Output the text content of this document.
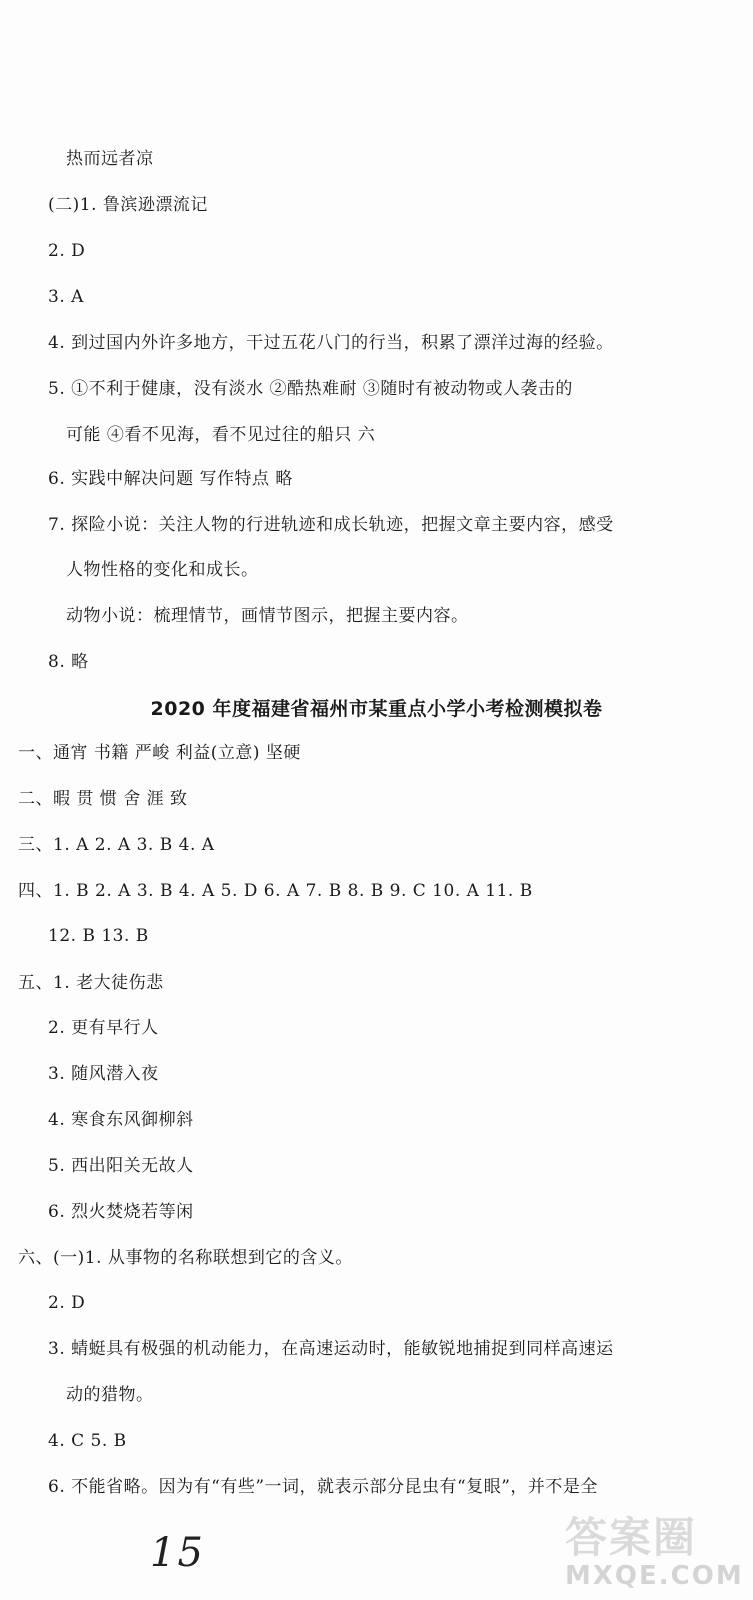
热而远者凉
(二)1. 鲁滨逊漂流记
2. D
3. A
4. 到过国内外许多地方，干过五花八门的行当，积累了漂洋过海的经验。
5. ①不利于健康，没有淡水 ②酷热难耐 ③随时有被动物或人袭击的
可能 ④看不见海，看不见过往的船只 六
6. 实践中解决问题 写作特点 略
7. 探险小说：关注人物的行进轨迹和成长轨迹，把握文章主要内容，感受
人物性格的变化和成长。
动物小说：梳理情节，画情节图示，把握主要内容。
8. 略
2020 年度福建省福州市某重点小学小考检测模拟卷
一、通宵 书籍 严峻 利益(立意) 坚硬
二、暇 贯 惯 舍 涯 致
三、1. A 2. A 3. B 4. A
四、1. B 2. A 3. B 4. A 5. D 6. A 7. B 8. B 9. C 10. A 11. B
12. B 13. B
五、1. 老大徒伤悲
2. 更有早行人
3. 随风潜入夜
4. 寒食东风御柳斜
5. 西出阳关无故人
6. 烈火焚烧若等闲
六、(一)1. 从事物的名称联想到它的含义。
2. D
3. 蜻蜓具有极强的机动能力，在高速运动时，能敏锐地捕捉到同样高速运
动的猎物。
4. C 5. B
6. 不能省略。因为有“有些”一词，就表示部分昆虫有“复眼”，并不是全
15	答案圈
MXQE.COM
